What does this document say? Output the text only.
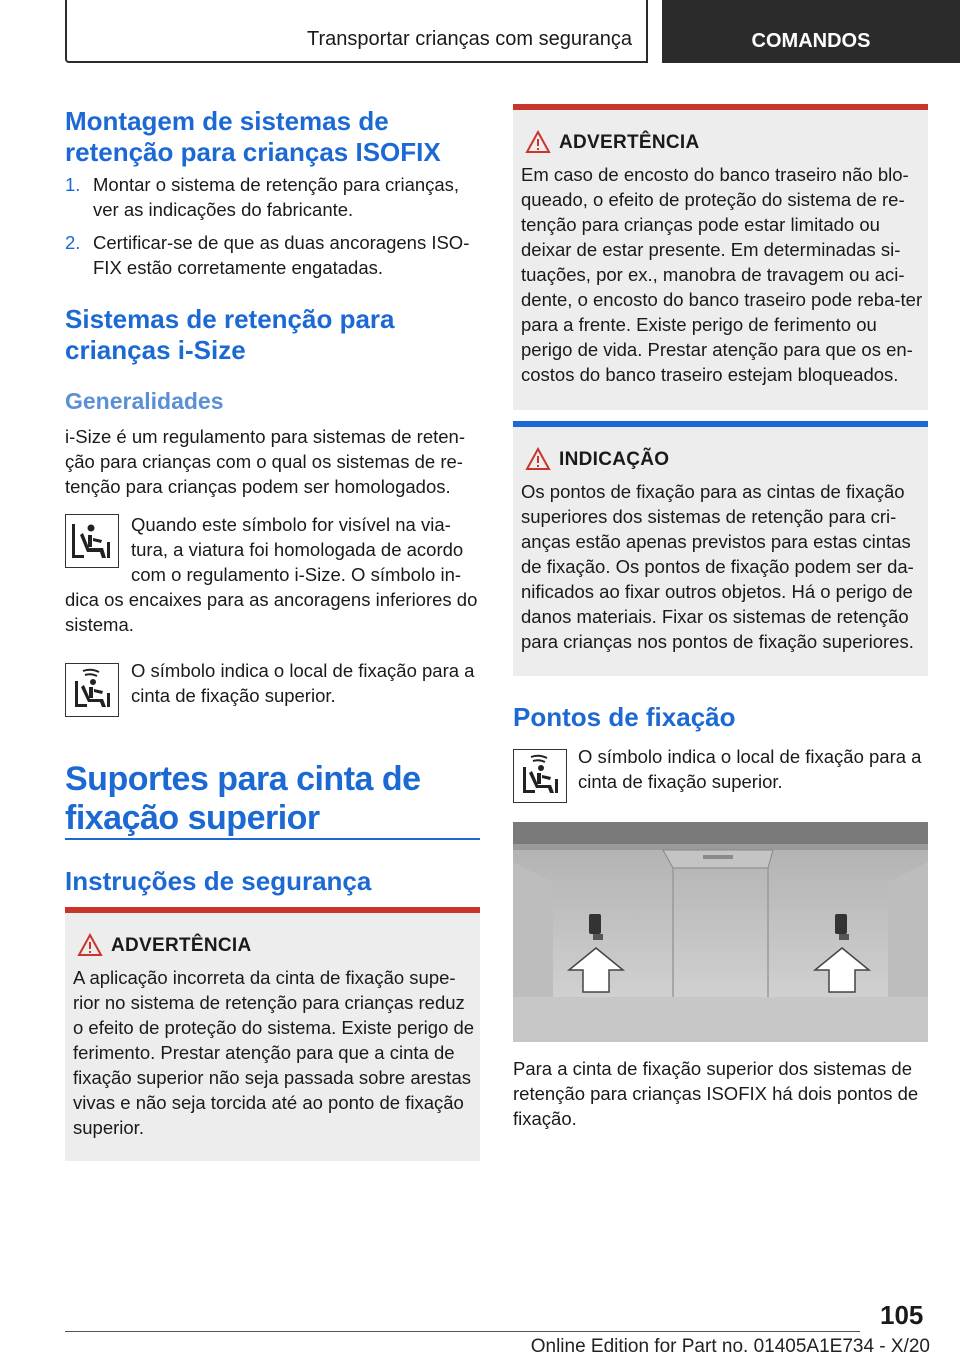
Transportar crianças com segurança	COMANDOS
Montagem de sistemas de retenção para crianças ISOFIX
1. Montar o sistema de retenção para crianças, ver as indicações do fabricante.
2. Certificar-se de que as duas ancoragens ISO-FIX estão corretamente engatadas.
Sistemas de retenção para crianças i-Size
Generalidades
i-Size é um regulamento para sistemas de reten-ção para crianças com o qual os sistemas de re-tenção para crianças podem ser homologados.
Quando este símbolo for visível na via-tura, a viatura foi homologada de acordo com o regulamento i-Size. O símbolo in-
dica os encaixes para as ancoragens inferiores do sistema.
O símbolo indica o local de fixação para a cinta de fixação superior.
Suportes para cinta de fixação superior
Instruções de segurança
ADVERTÊNCIA
A aplicação incorreta da cinta de fixação supe-rior no sistema de retenção para crianças reduz o efeito de proteção do sistema. Existe perigo de ferimento. Prestar atenção para que a cinta de fixação superior não seja passada sobre arestas vivas e não seja torcida até ao ponto de fixação superior.
ADVERTÊNCIA
Em caso de encosto do banco traseiro não blo-queado, o efeito de proteção do sistema de re-tenção para crianças pode estar limitado ou deixar de estar presente. Em determinadas si-tuações, por ex., manobra de travagem ou aci-dente, o encosto do banco traseiro pode reba-ter para a frente. Existe perigo de ferimento ou perigo de vida. Prestar atenção para que os en-costos do banco traseiro estejam bloqueados.
INDICAÇÃO
Os pontos de fixação para as cintas de fixação superiores dos sistemas de retenção para cri-anças estão apenas previstos para estas cintas de fixação. Os pontos de fixação podem ser da-nificados ao fixar outros objetos. Há o perigo de danos materiais. Fixar os sistemas de retenção para crianças nos pontos de fixação superiores.
Pontos de fixação
O símbolo indica o local de fixação para a cinta de fixação superior.
Para a cinta de fixação superior dos sistemas de retenção para crianças ISOFIX há dois pontos de fixação.
105
Online Edition for Part no. 01405A1E734 - X/20
